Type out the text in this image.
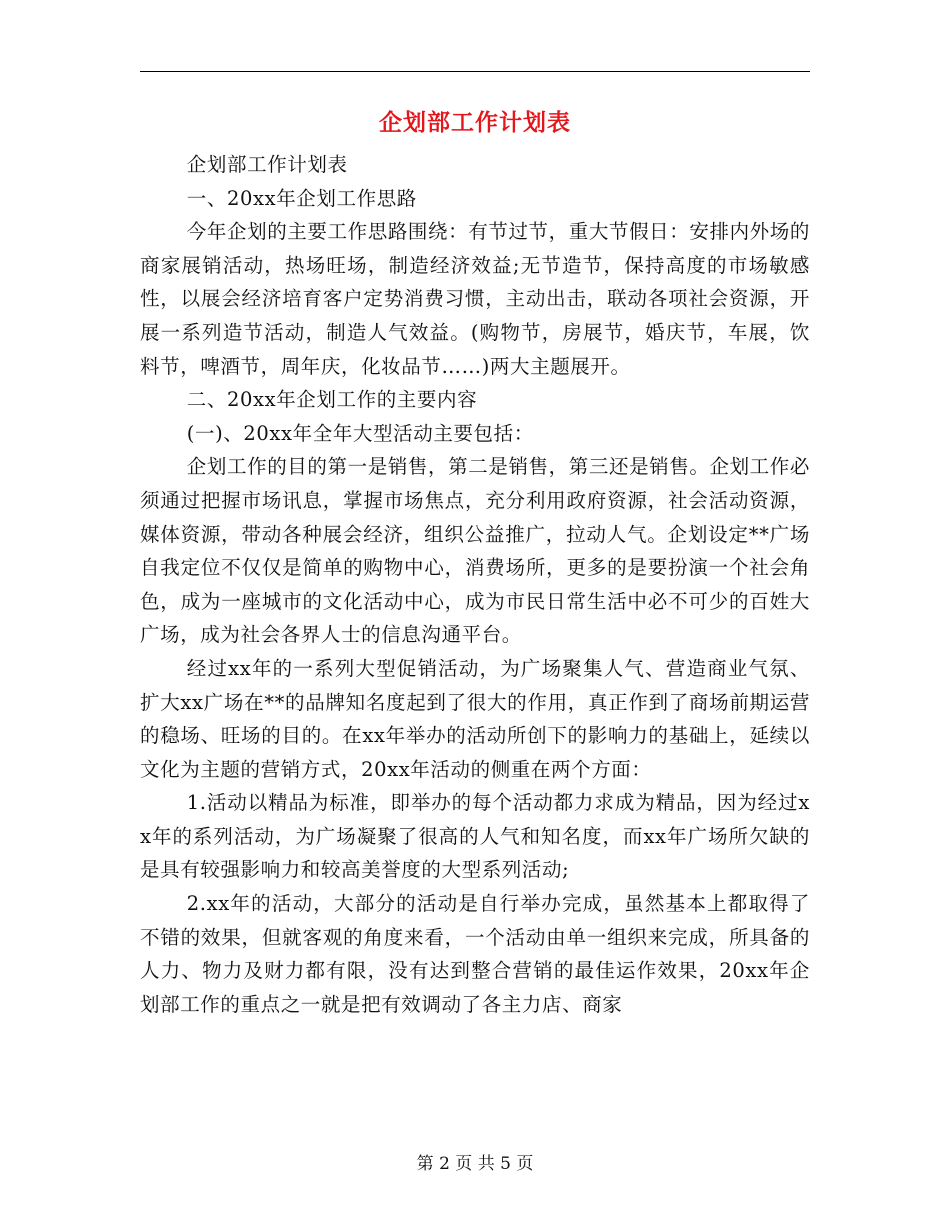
企划部工作计划表

企划部工作计划表

一、20xx年企划工作思路

今年企划的主要工作思路围绕：有节过节，重大节假日：安排内外场的商家展销活动，热场旺场，制造经济效益;无节造节，保持高度的市场敏感性，以展会经济培育客户定势消费习惯，主动出击，联动各项社会资源，开展一系列造节活动，制造人气效益。(购物节，房展节，婚庆节，车展，饮料节，啤酒节，周年庆，化妆品节……)两大主题展开。

二、20xx年企划工作的主要内容

(一)、20xx年全年大型活动主要包括：

企划工作的目的第一是销售，第二是销售，第三还是销售。企划工作必须通过把握市场讯息，掌握市场焦点，充分利用政府资源，社会活动资源，媒体资源，带动各种展会经济，组织公益推广，拉动人气。企划设定**广场自我定位不仅仅是简单的购物中心，消费场所，更多的是要扮演一个社会角色，成为一座城市的文化活动中心，成为市民日常生活中必不可少的百姓大广场，成为社会各界人士的信息沟通平台。

经过xx年的一系列大型促销活动，为广场聚集人气、营造商业气氛、扩大xx广场在**的品牌知名度起到了很大的作用，真正作到了商场前期运营的稳场、旺场的目的。在xx年举办的活动所创下的影响力的基础上，延续以文化为主题的营销方式，20xx年活动的侧重在两个方面：

1.活动以精品为标准，即举办的每个活动都力求成为精品，因为经过xx年的系列活动，为广场凝聚了很高的人气和知名度，而xx年广场所欠缺的是具有较强影响力和较高美誉度的大型系列活动;

2.xx年的活动，大部分的活动是自行举办完成，虽然基本上都取得了不错的效果，但就客观的角度来看，一个活动由单一组织来完成，所具备的人力、物力及财力都有限，没有达到整合营销的最佳运作效果，20xx年企划部工作的重点之一就是把有效调动了各主力店、商家

第 2 页 共 5 页
